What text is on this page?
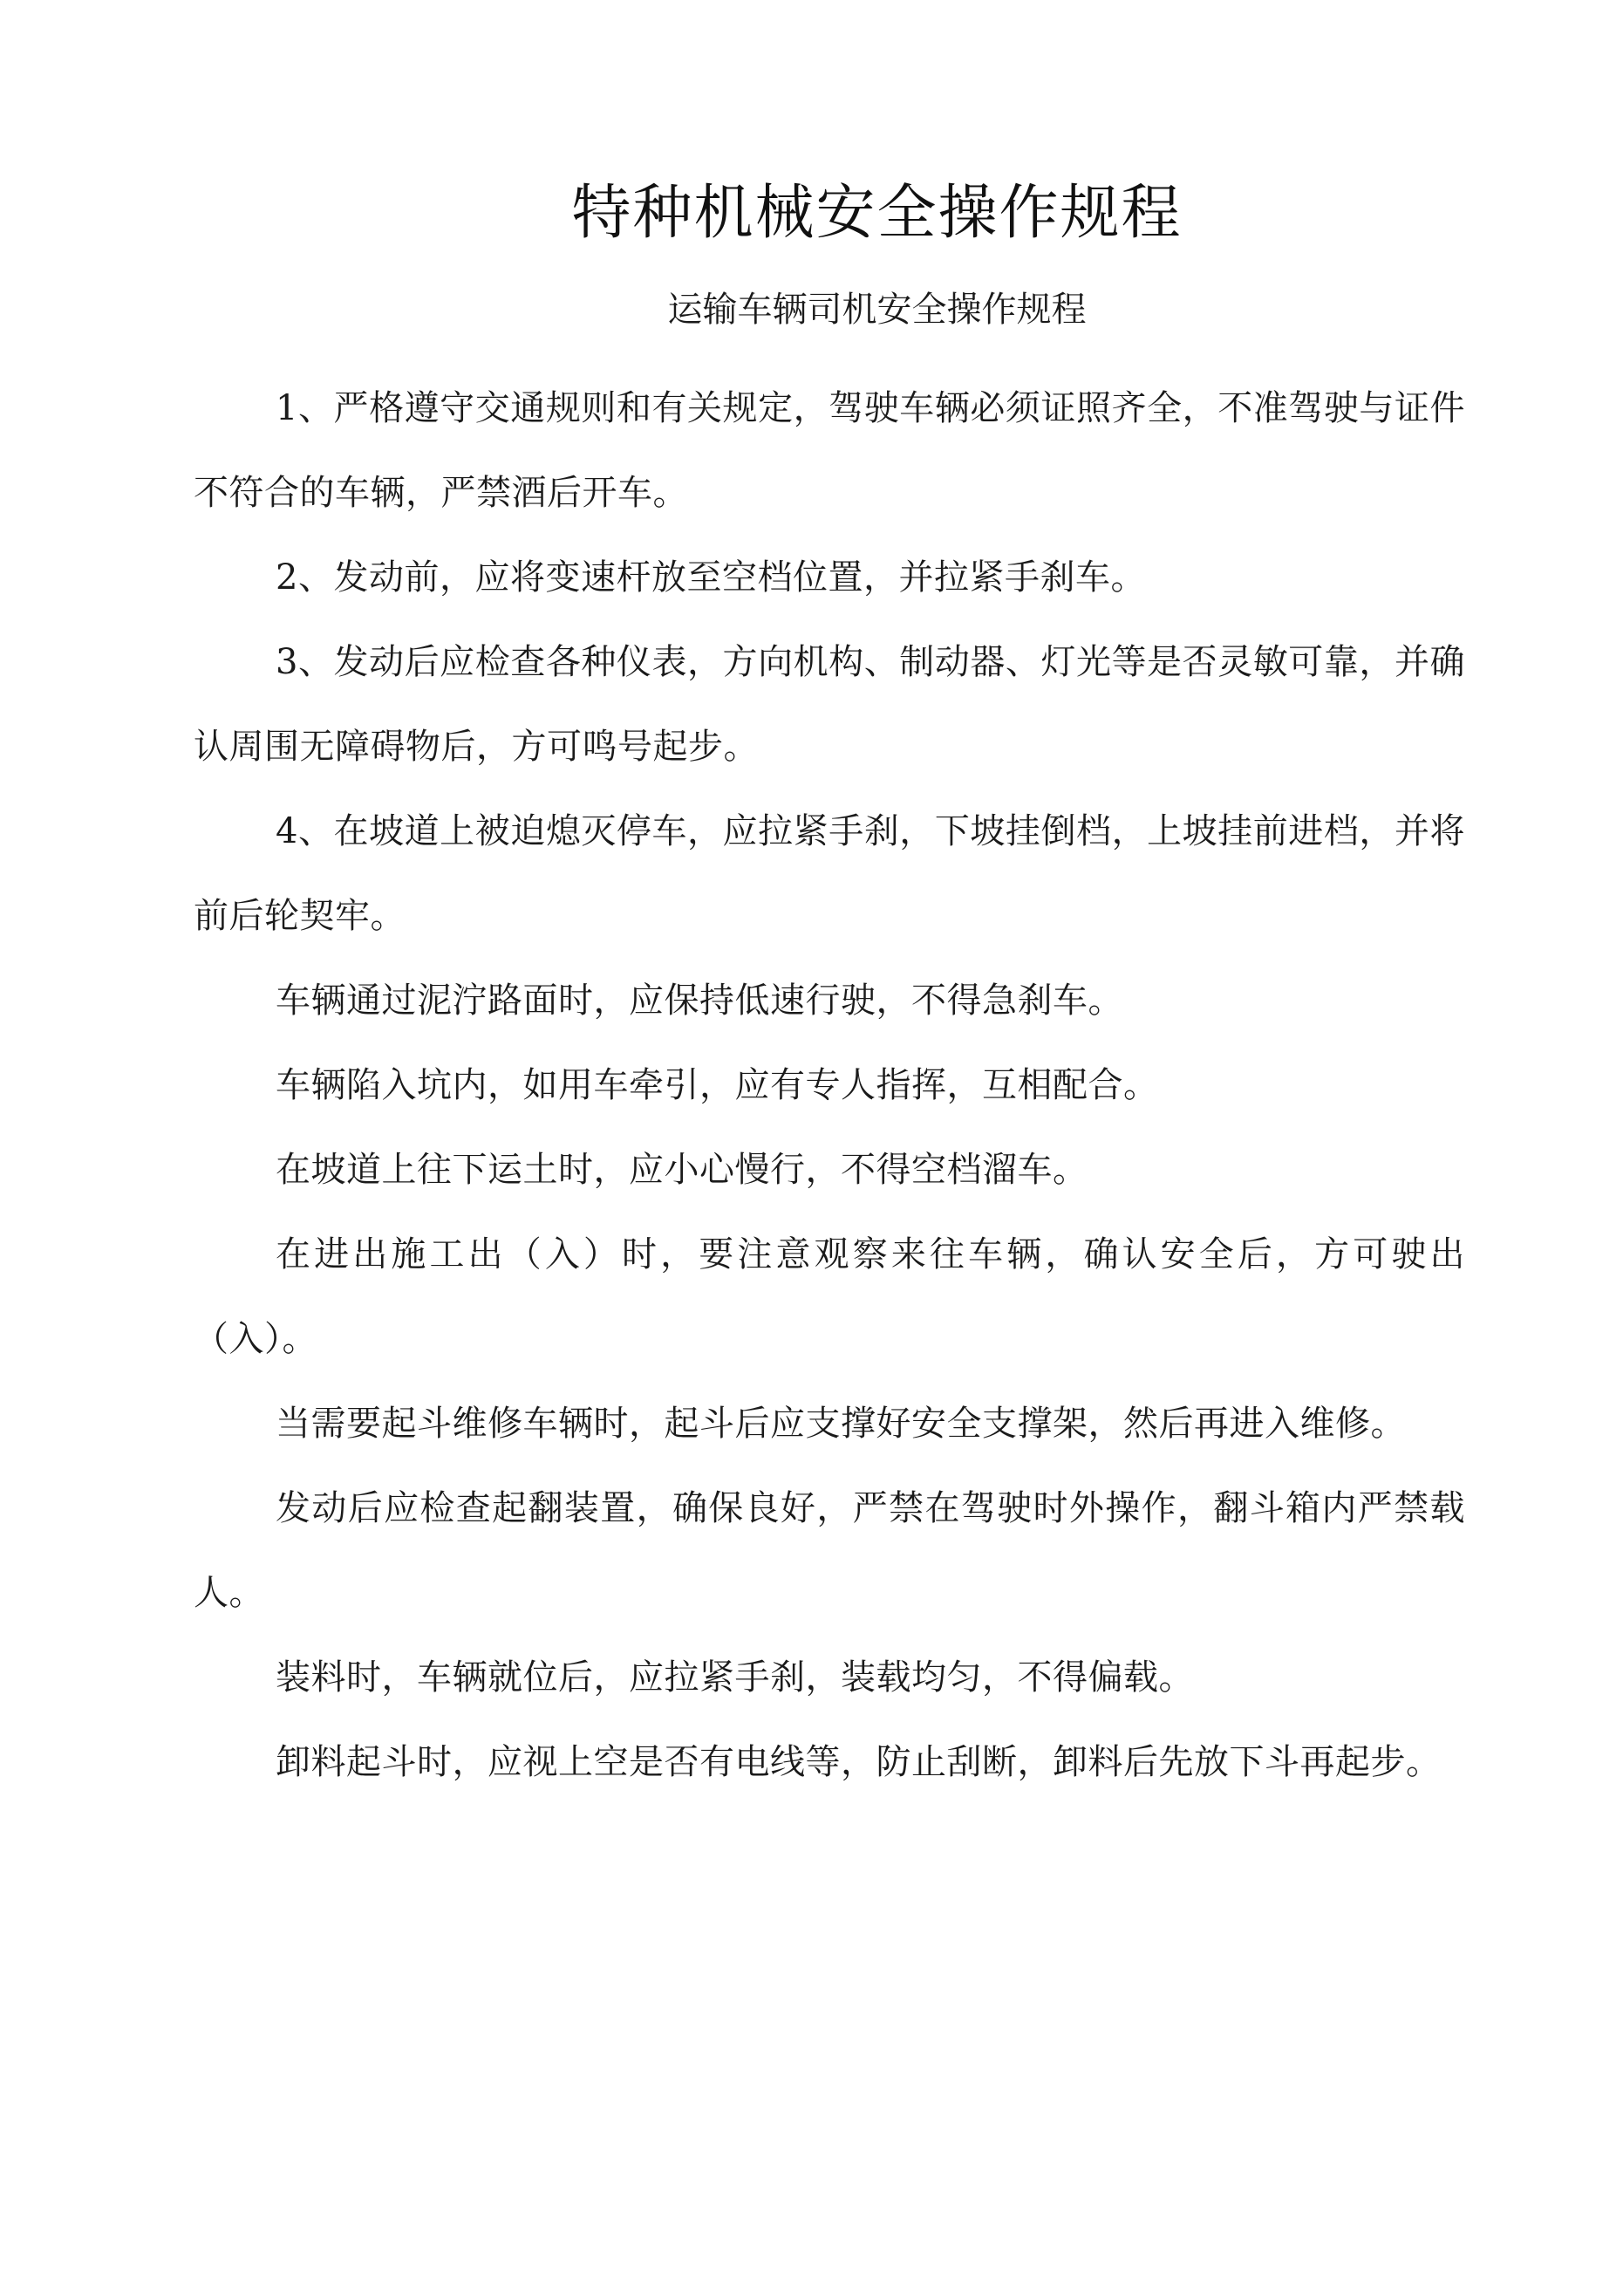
特种机械安全操作规程
运输车辆司机安全操作规程

1、严格遵守交通规则和有关规定，驾驶车辆必须证照齐全，不准驾驶与证件不符合的车辆，严禁酒后开车。

2、发动前，应将变速杆放至空档位置，并拉紧手刹车。

3、发动后应检查各种仪表，方向机构、制动器、灯光等是否灵敏可靠，并确认周围无障碍物后，方可鸣号起步。

4、在坡道上被迫熄灭停车，应拉紧手刹，下坡挂倒档，上坡挂前进档，并将前后轮契牢。

车辆通过泥泞路面时，应保持低速行驶，不得急刹车。

车辆陷入坑内，如用车牵引，应有专人指挥，互相配合。

在坡道上往下运土时，应小心慢行，不得空档溜车。

在进出施工出（入）时，要注意观察来往车辆，确认安全后，方可驶出（入）。

当需要起斗维修车辆时，起斗后应支撑好安全支撑架，然后再进入维修。

发动后应检查起翻装置，确保良好，严禁在驾驶时外操作，翻斗箱内严禁载人。

装料时，车辆就位后，应拉紧手刹，装载均匀，不得偏载。

卸料起斗时，应视上空是否有电线等，防止刮断，卸料后先放下斗再起步。
